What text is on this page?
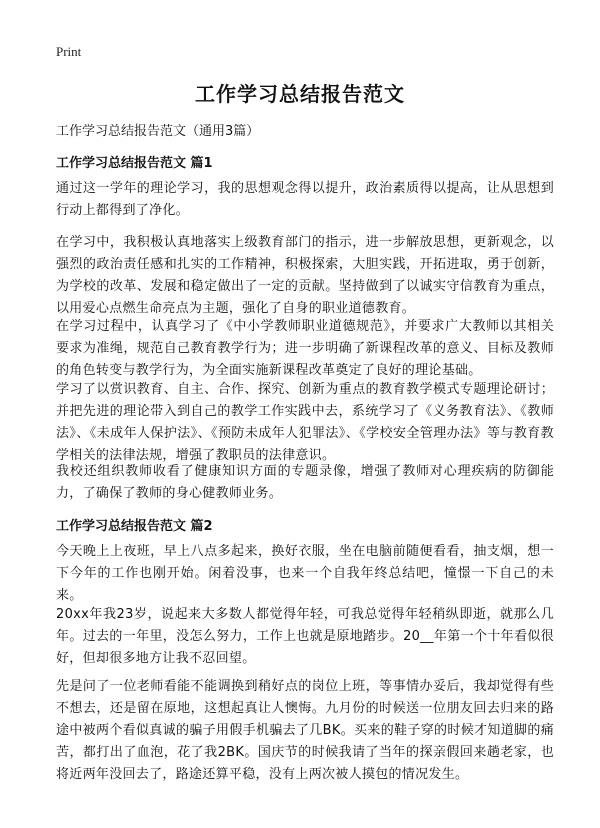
Print
工作学习总结报告范文
工作学习总结报告范文（通用3篇）
工作学习总结报告范文 篇1
通过这一学年的理论学习，我的思想观念得以提升，政治素质得以提高，让从思想到行动上都得到了净化。
在学习中，我积极认真地落实上级教育部门的指示，进一步解放思想，更新观念，以强烈的政治责任感和扎实的工作精神，积极探索，大胆实践，开拓进取，勇于创新，为学校的改革、发展和稳定做出了一定的贡献。坚持做到了以诚实守信教育为重点，以用爱心点燃生命亮点为主题，强化了自身的职业道德教育。
在学习过程中，认真学习了《中小学教师职业道德规范》，并要求广大教师以其相关要求为准绳，规范自己教育教学行为；进一步明确了新课程改革的意义、目标及教师的角色转变与教学行为，为全面实施新课程改革奠定了良好的理论基础。
学习了以赏识教育、自主、合作、探究、创新为重点的教育教学模式专题理论研讨；并把先进的理论带入到自己的教学工作实践中去，系统学习了《义务教育法》、《教师法》、《未成年人保护法》、《预防未成年人犯罪法》、《学校安全管理办法》等与教育教学相关的法律法规，增强了教职员的法律意识。
我校还组织教师收看了健康知识方面的专题录像，增强了教师对心理疾病的防御能力，了确保了教师的身心健教师业务。
工作学习总结报告范文 篇2
今天晚上上夜班，早上八点多起来，换好衣服，坐在电脑前随便看看，抽支烟，想一下今年的工作也刚开始。闲着没事，也来一个自我年终总结吧，憧憬一下自己的未来。
20xx年我23岁，说起来大多数人都觉得年轻，可我总觉得年轻稍纵即逝，就那么几年。过去的一年里，没怎么努力，工作上也就是原地踏步。20__年第一个十年看似很好，但却很多地方让我不忍回望。
先是问了一位老师看能不能调换到稍好点的岗位上班，等事情办妥后，我却觉得有些不想去，还是留在原地，这想起真让人懊悔。九月份的时候送一位朋友回去归来的路途中被两个看似真诚的骗子用假手机骗去了几BK。买来的鞋子穿的时候才知道脚的痛苦，都打出了血泡，花了我2BK。国庆节的时候我请了当年的探亲假回来趟老家，也将近两年没回去了，路途还算平稳，没有上两次被人摸包的情况发生。
